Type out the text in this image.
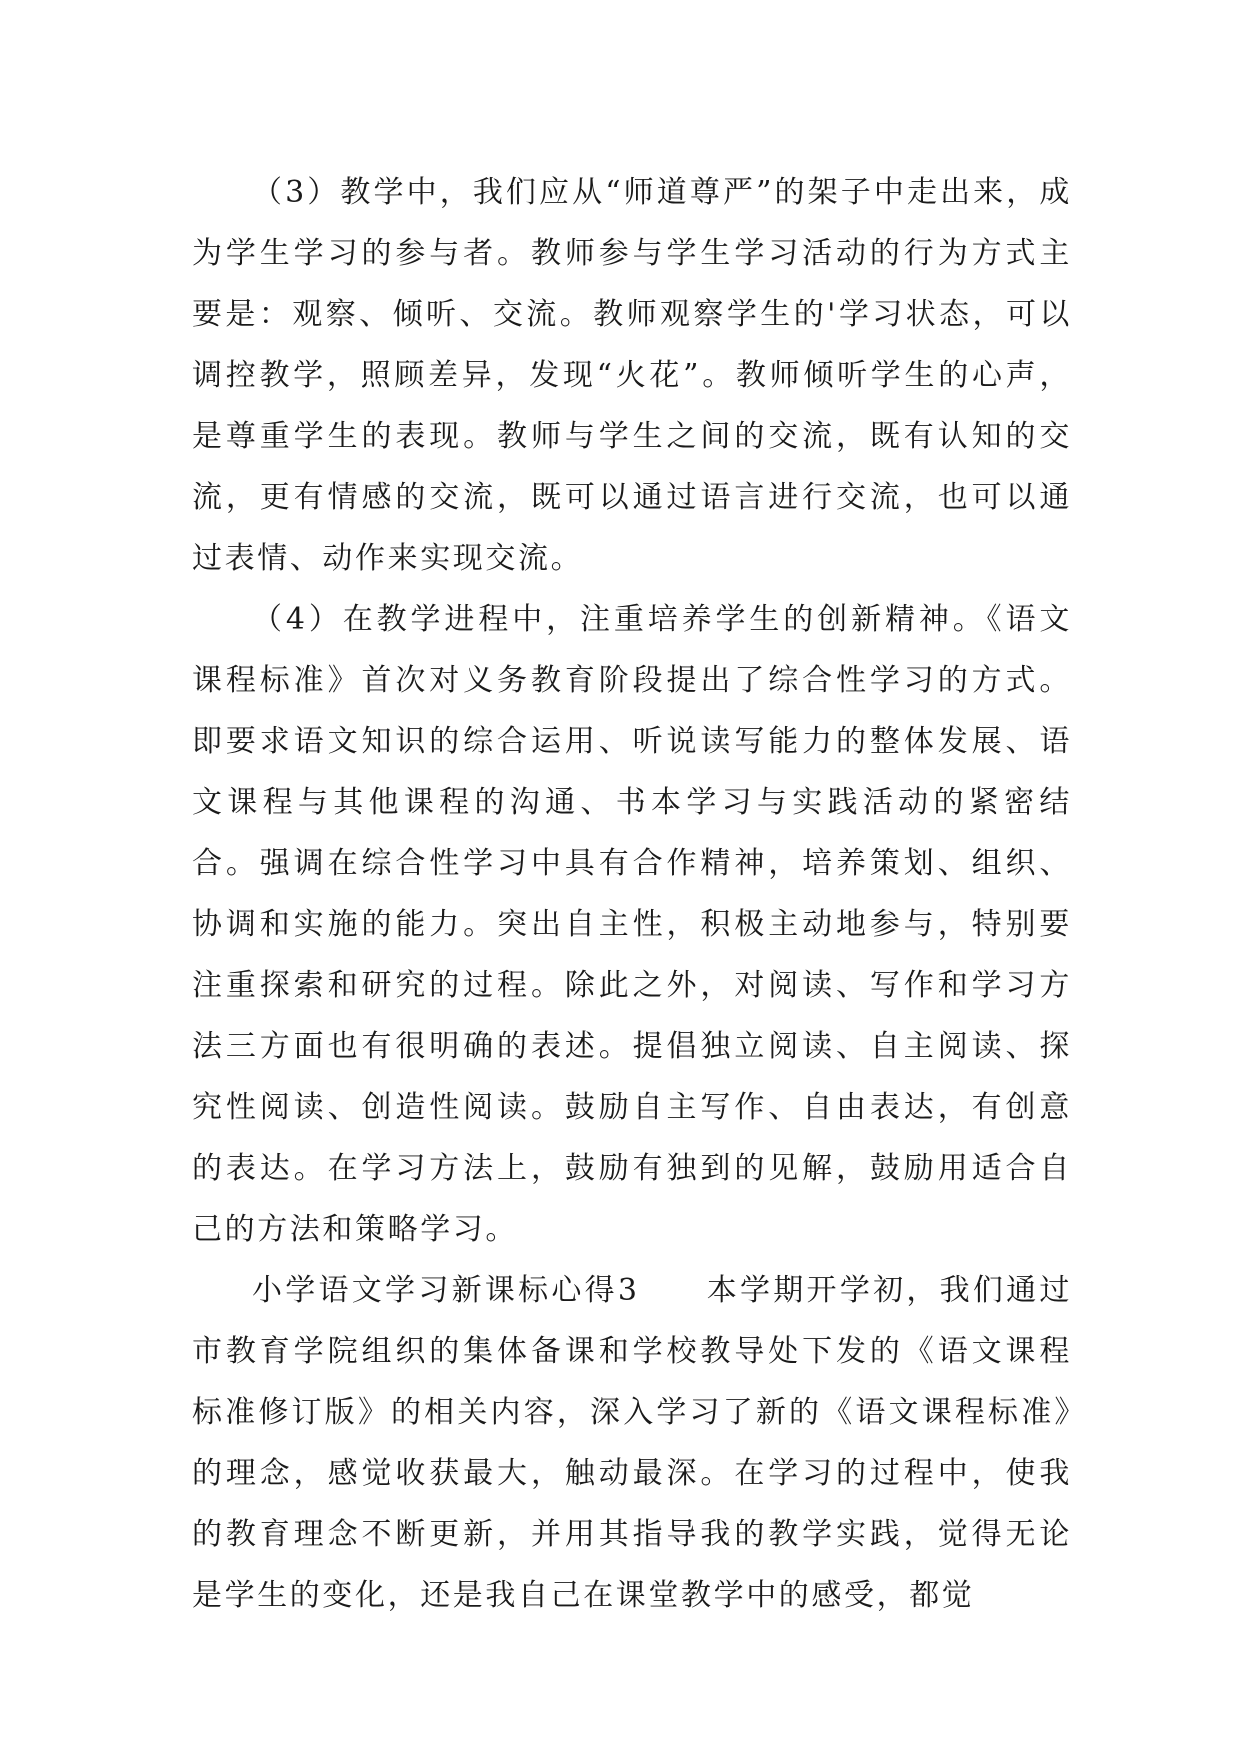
（3）教学中，我们应从“师道尊严”的架子中走出来，成为学生学习的参与者。教师参与学生学习活动的行为方式主要是：观察、倾听、交流。教师观察学生的'学习状态，可以调控教学，照顾差异，发现“火花”。教师倾听学生的心声，是尊重学生的表现。教师与学生之间的交流，既有认知的交流，更有情感的交流，既可以通过语言进行交流，也可以通过表情、动作来实现交流。

（4）在教学进程中，注重培养学生的创新精神。《语文课程标准》首次对义务教育阶段提出了综合性学习的方式。即要求语文知识的综合运用、听说读写能力的整体发展、语文课程与其他课程的沟通、书本学习与实践活动的紧密结合。强调在综合性学习中具有合作精神，培养策划、组织、协调和实施的能力。突出自主性，积极主动地参与，特别要注重探索和研究的过程。除此之外，对阅读、写作和学习方法三方面也有很明确的表述。提倡独立阅读、自主阅读、探究性阅读、创造性阅读。鼓励自主写作、自由表达，有创意的表达。在学习方法上，鼓励有独到的见解，鼓励用适合自己的方法和策略学习。

小学语文学习新课标心得3　　本学期开学初，我们通过市教育学院组织的集体备课和学校教导处下发的《语文课程标准修订版》的相关内容，深入学习了新的《语文课程标准》的理念，感觉收获最大，触动最深。在学习的过程中，使我的教育理念不断更新，并用其指导我的教学实践，觉得无论是学生的变化，还是我自己在课堂教学中的感受，都觉
